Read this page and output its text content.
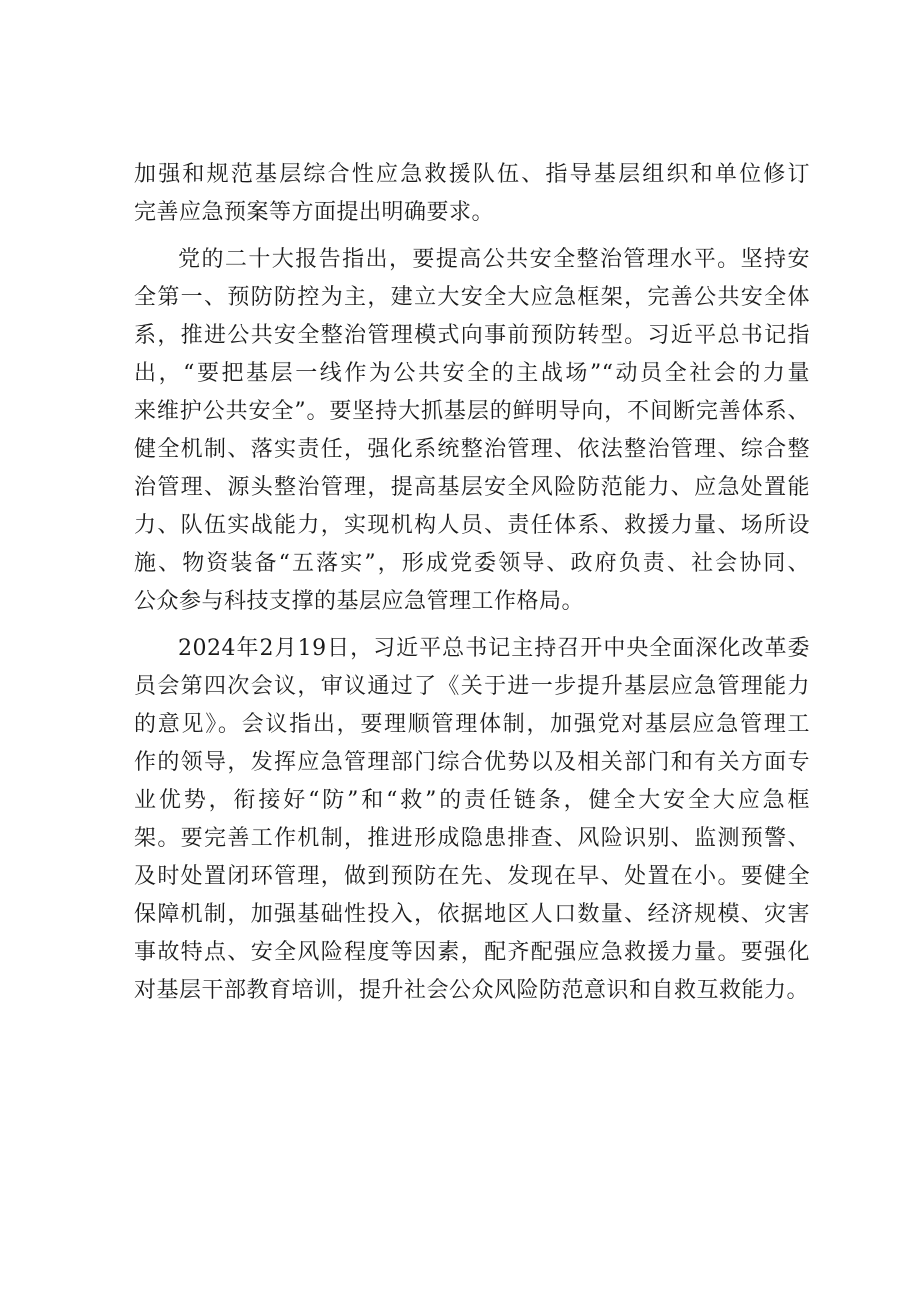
加强和规范基层综合性应急救援队伍、指导基层组织和单位修订
完善应急预案等方面提出明确要求。
党的二十大报告指出，要提高公共安全整治管理水平。坚持安
全第一、预防防控为主，建立大安全大应急框架，完善公共安全体
系，推进公共安全整治管理模式向事前预防转型。习近平总书记指
出，“要把基层一线作为公共安全的主战场”“动员全社会的力量
来维护公共安全”。要坚持大抓基层的鲜明导向，不间断完善体系、
健全机制、落实责任，强化系统整治管理、依法整治管理、综合整
治管理、源头整治管理，提高基层安全风险防范能力、应急处置能
力、队伍实战能力，实现机构人员、责任体系、救援力量、场所设
施、物资装备“五落实”，形成党委领导、政府负责、社会协同、
公众参与科技支撑的基层应急管理工作格局。
2024年2月19日，习近平总书记主持召开中央全面深化改革委
员会第四次会议，审议通过了《关于进一步提升基层应急管理能力
的意见》。会议指出，要理顺管理体制，加强党对基层应急管理工
作的领导，发挥应急管理部门综合优势以及相关部门和有关方面专
业优势，衔接好“防”和“救”的责任链条，健全大安全大应急框
架。要完善工作机制，推进形成隐患排查、风险识别、监测预警、
及时处置闭环管理，做到预防在先、发现在早、处置在小。要健全
保障机制，加强基础性投入，依据地区人口数量、经济规模、灾害
事故特点、安全风险程度等因素，配齐配强应急救援力量。要强化
对基层干部教育培训，提升社会公众风险防范意识和自救互救能力。
